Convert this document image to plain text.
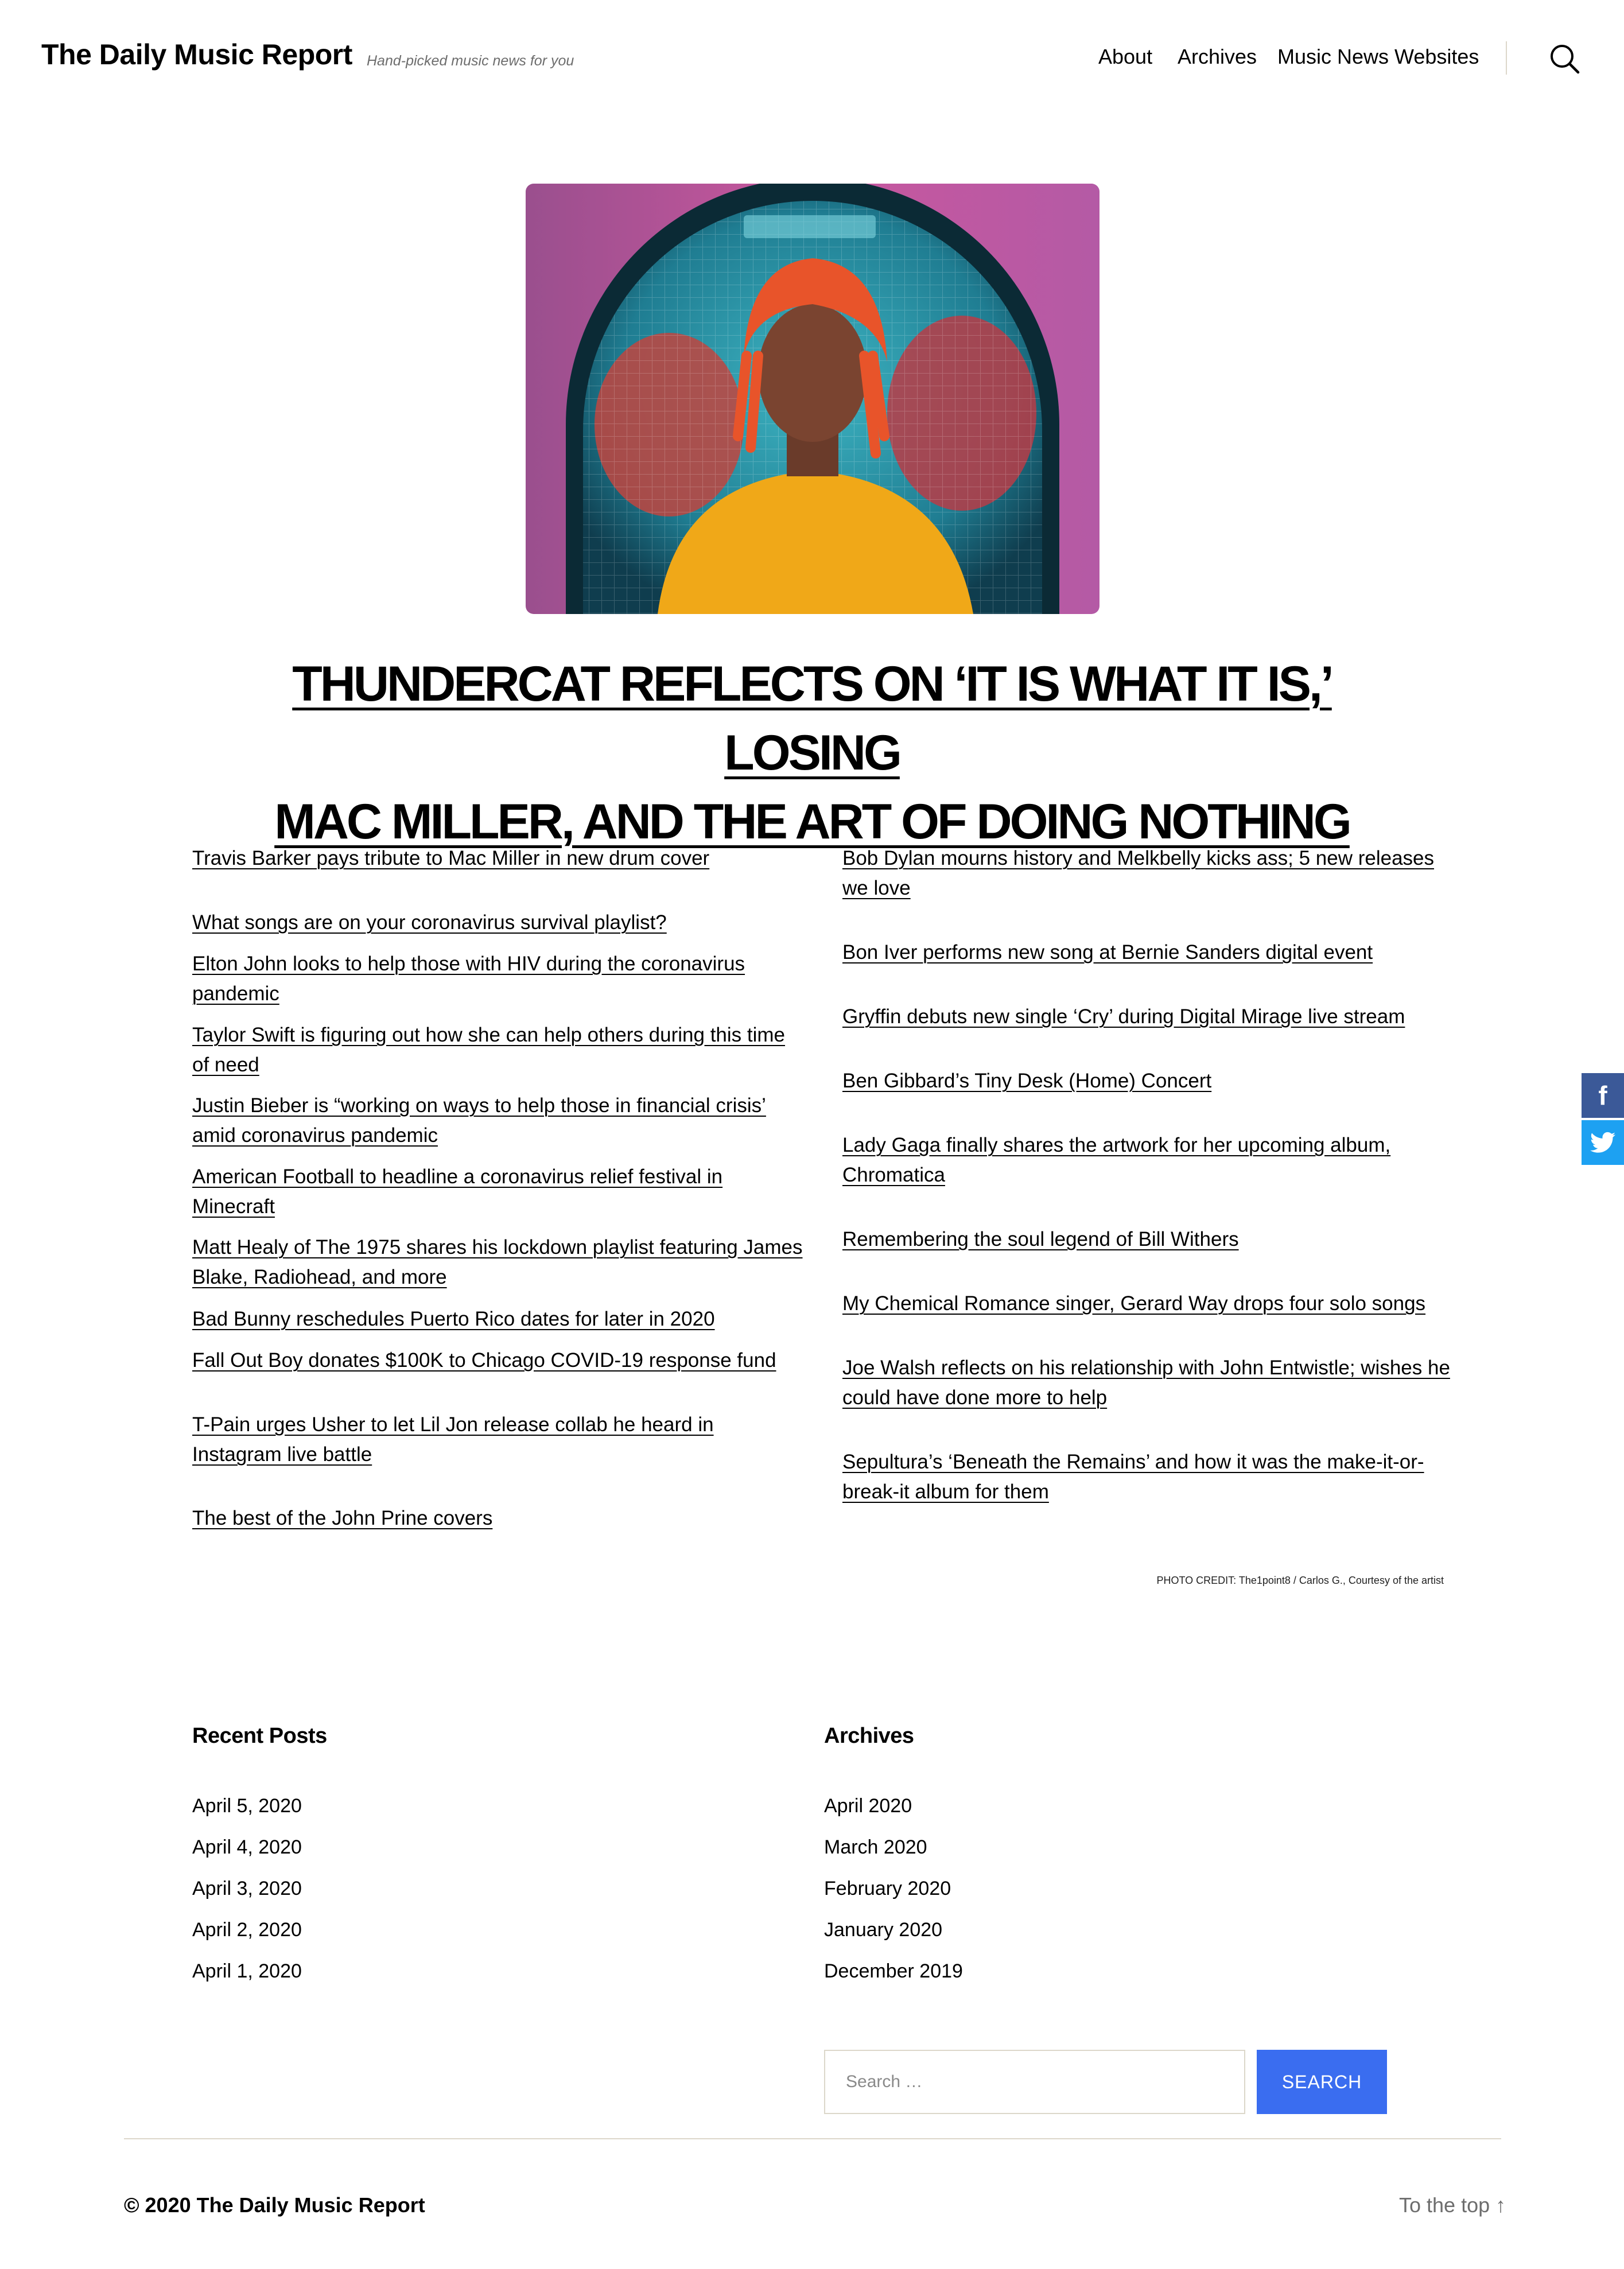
The Daily Music Report Hand-picked music news for you	About Archives Music News Websites
THUNDERCAT REFLECTS ON ‘IT IS WHAT IT IS,’ LOSING
MAC MILLER, AND THE ART OF DOING NOTHING
Travis Barker pays tribute to Mac Miller in new drum cover
What songs are on your coronavirus survival playlist?
Elton John looks to help those with HIV during the coronavirus pandemic
Taylor Swift is figuring out how she can help others during this time of need
Justin Bieber is “working on ways to help those in financial crisis’ amid coronavirus pandemic
American Football to headline a coronavirus relief festival in Minecraft
Matt Healy of The 1975 shares his lockdown playlist featuring James Blake, Radiohead, and more
Bad Bunny reschedules Puerto Rico dates for later in 2020
Fall Out Boy donates $100K to Chicago COVID-19 response fund
T-Pain urges Usher to let Lil Jon release collab he heard in Instagram live battle
The best of the John Prine covers
Bob Dylan mourns history and Melkbelly kicks ass; 5 new releases we love
Bon Iver performs new song at Bernie Sanders digital event
Gryffin debuts new single ‘Cry’ during Digital Mirage live stream
Ben Gibbard’s Tiny Desk (Home) Concert
Lady Gaga finally shares the artwork for her upcoming album, Chromatica
Remembering the soul legend of Bill Withers
My Chemical Romance singer, Gerard Way drops four solo songs
Joe Walsh reflects on his relationship with John Entwistle; wishes he could have done more to help
Sepultura’s ‘Beneath the Remains’ and how it was the make-it-or-break-it album for them
PHOTO CREDIT: The1point8 / Carlos G., Courtesy of the artist
Recent Posts
April 5, 2020
April 4, 2020
April 3, 2020
April 2, 2020
April 1, 2020
Archives
April 2020
March 2020
February 2020
January 2020
December 2019
Search …
SEARCH
© 2020 The Daily Music Report	To the top ↑
f
